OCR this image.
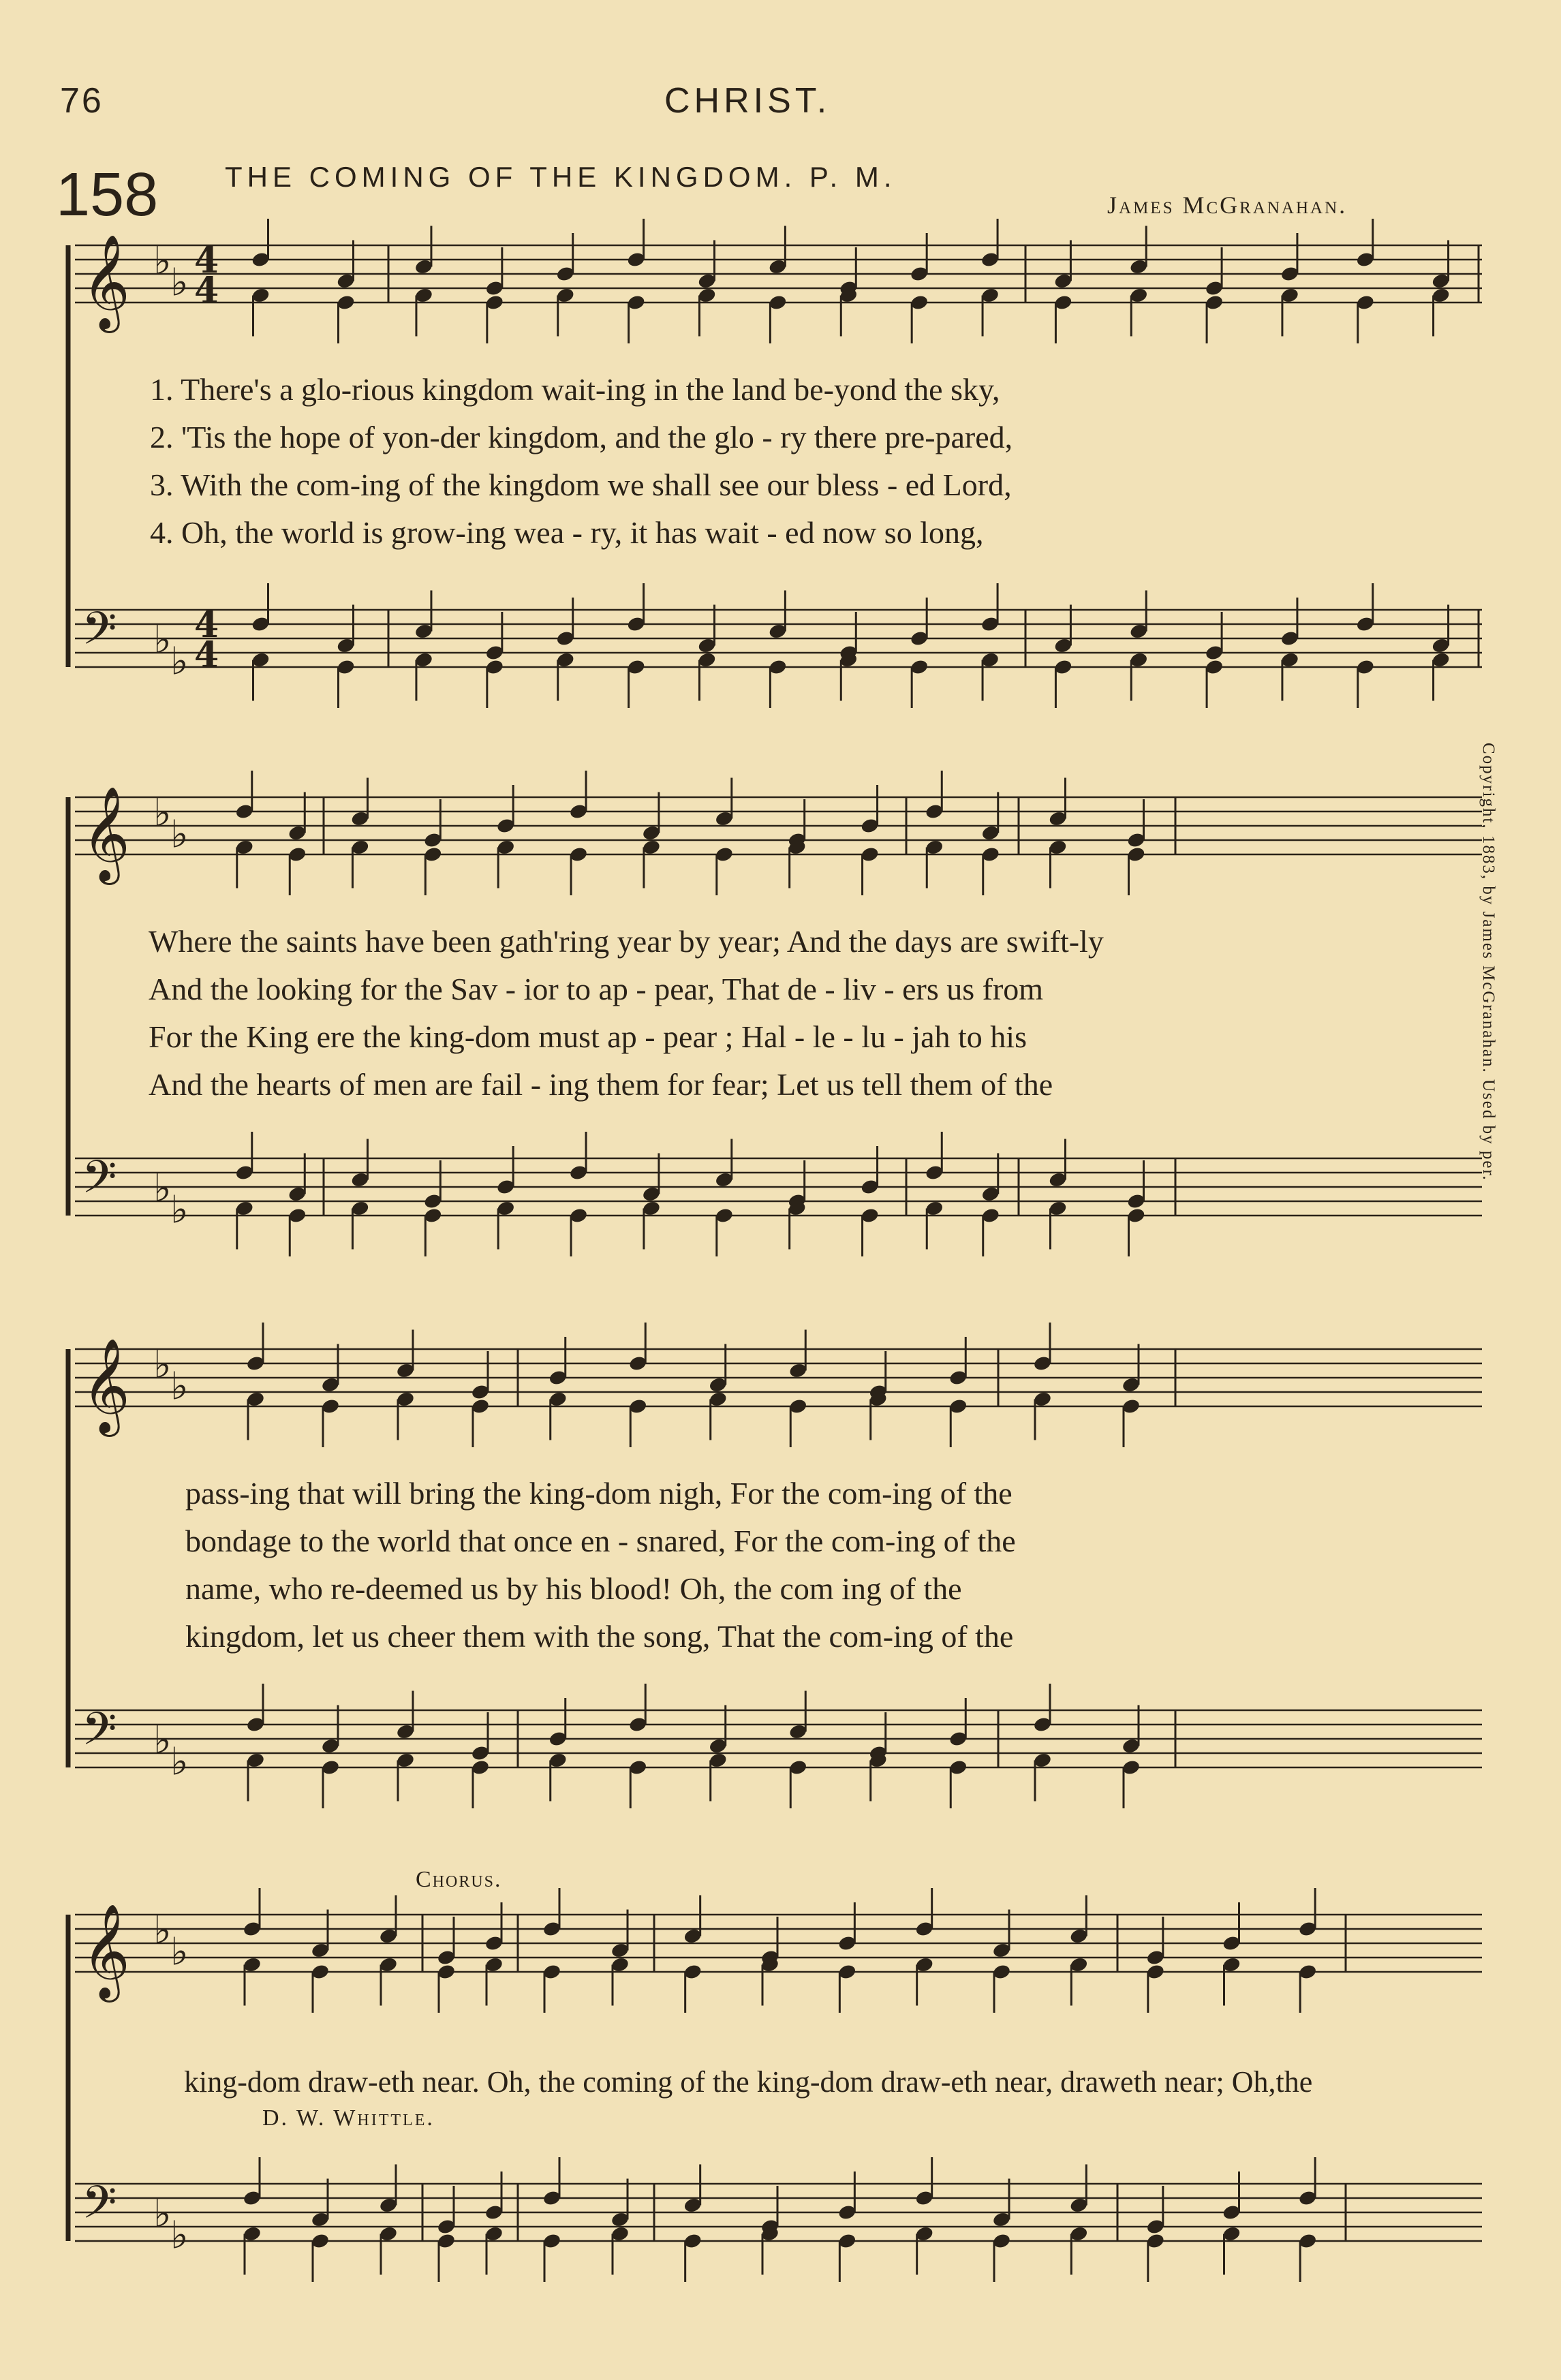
76	CHRIST.
158 THE COMING OF THE KINGDOM. P. M.
James McGranahan.
Copyright, 1883, by James McGranahan. Used by per.
𝄞 ♭
♭
𝄢 ♭
♭
𝄞 ♭
♭
𝄢 ♭
♭
𝄞 ♭
♭
𝄢 ♭
♭
𝄞 ♭
♭
𝄢 ♭
♭
4
4
4
4
1. There's a glo-rious kingdom wait-ing in the land be-yond the sky,
2. 'Tis the hope of yon-der kingdom, and the glo - ry there pre-pared,
3. With the com-ing of the kingdom we shall see our bless - ed Lord,
4. Oh, the world is grow-ing wea - ry, it has wait - ed now so long,
Where the saints have been gath'ring year by year; And the days are swift-ly
And the looking for the Sav - ior to ap - pear, That de - liv - ers us from
For the King ere the king-dom must ap - pear ; Hal - le - lu - jah to his
And the hearts of men are fail - ing them for fear; Let us tell them of the
pass-ing that will bring the king-dom nigh, For the com-ing of the
bondage to the world that once en - snared, For the com-ing of the
name, who re-deemed us by his blood! Oh, the com ing of the
kingdom, let us cheer them with the song, That the com-ing of the
Chorus.
king-dom draw-eth near. Oh, the coming of the king-dom draw-eth near, draweth near; Oh,the
D. W. Whittle.
